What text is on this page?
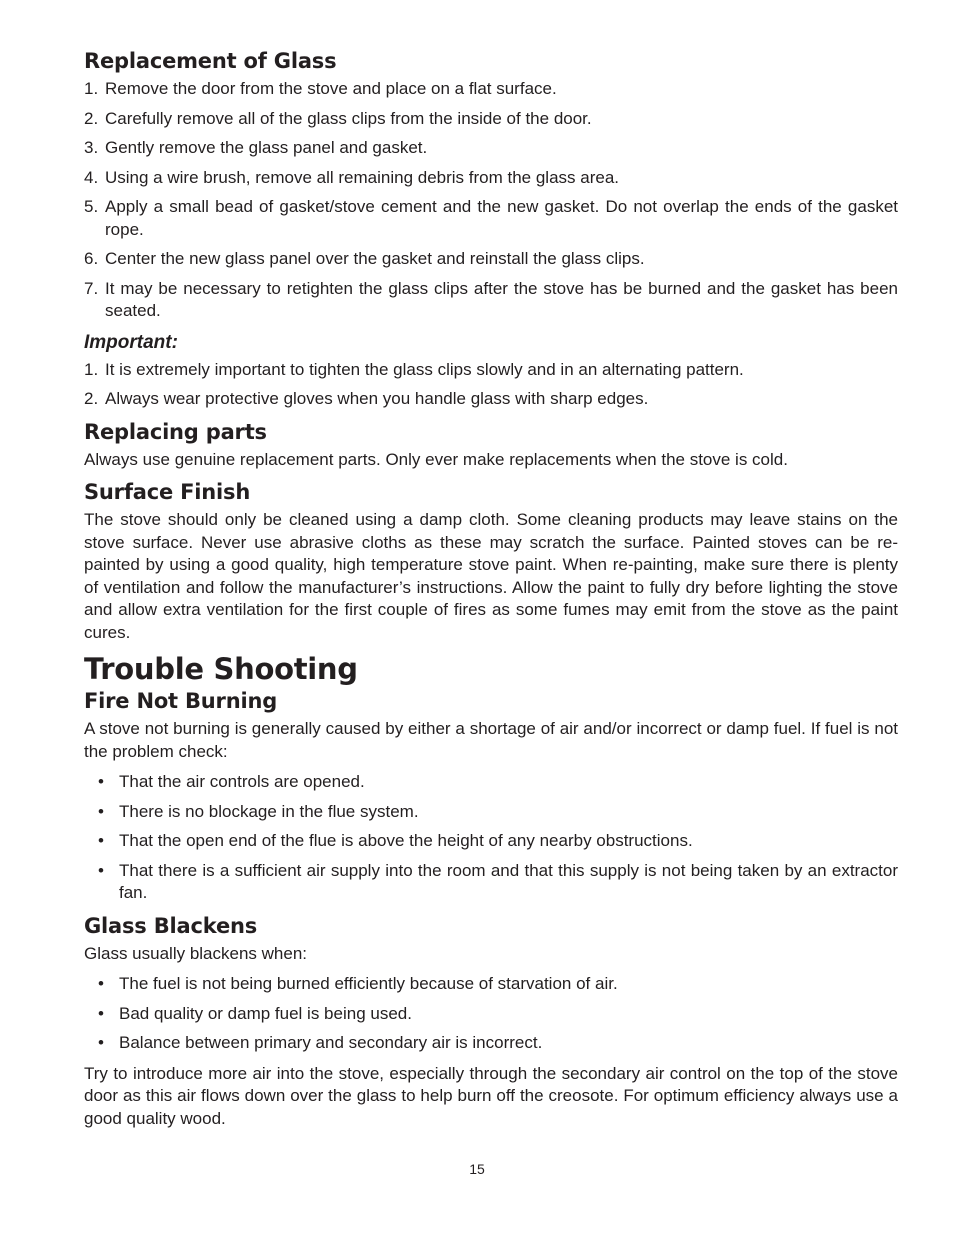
Replacement of Glass
1. Remove the door from the stove and place on a flat surface.
2. Carefully remove all of the glass clips from the inside of the door.
3. Gently remove the glass panel and gasket.
4. Using a wire brush, remove all remaining debris from the glass area.
5. Apply a small bead of gasket/stove cement and the new gasket. Do not overlap the ends of the gasket rope.
6. Center the new glass panel over the gasket and reinstall the glass clips.
7. It may be necessary to retighten the glass clips after the stove has be burned and the gasket has been seated.
Important:
1. It is extremely important to tighten the glass clips slowly and in an alternating pattern.
2. Always wear protective gloves when you handle glass with sharp edges.
Replacing parts

Always use genuine replacement parts. Only ever make replacements when the stove is cold.

Surface Finish

The stove should only be cleaned using a damp cloth. Some cleaning products may leave stains on the stove surface. Never use abrasive cloths as these may scratch the surface. Painted stoves can be re-painted by using a good quality, high temperature stove paint. When re-painting, make sure there is plenty of ventilation and follow the manufacturer’s instructions. Allow the paint to fully dry before lighting the stove and allow extra ventilation for the first couple of fires as some fumes may emit from the stove as the paint cures.

Trouble Shooting
Fire Not Burning

A stove not burning is generally caused by either a shortage of air and/or incorrect or damp fuel. If fuel is not the problem check:

• That the air controls are opened.
• There is no blockage in the flue system.
• That the open end of the flue is above the height of any nearby obstructions.
• That there is a sufficient air supply into the room and that this supply is not being taken by an extractor fan.
Glass Blackens

Glass usually blackens when:

• The fuel is not being burned efficiently because of starvation of air.
• Bad quality or damp fuel is being used.
• Balance between primary and secondary air is incorrect.

Try to introduce more air into the stove, especially through the secondary air control on the top of the stove door as this air flows down over the glass to help burn off the creosote. For optimum efficiency always use a good quality wood.

15
